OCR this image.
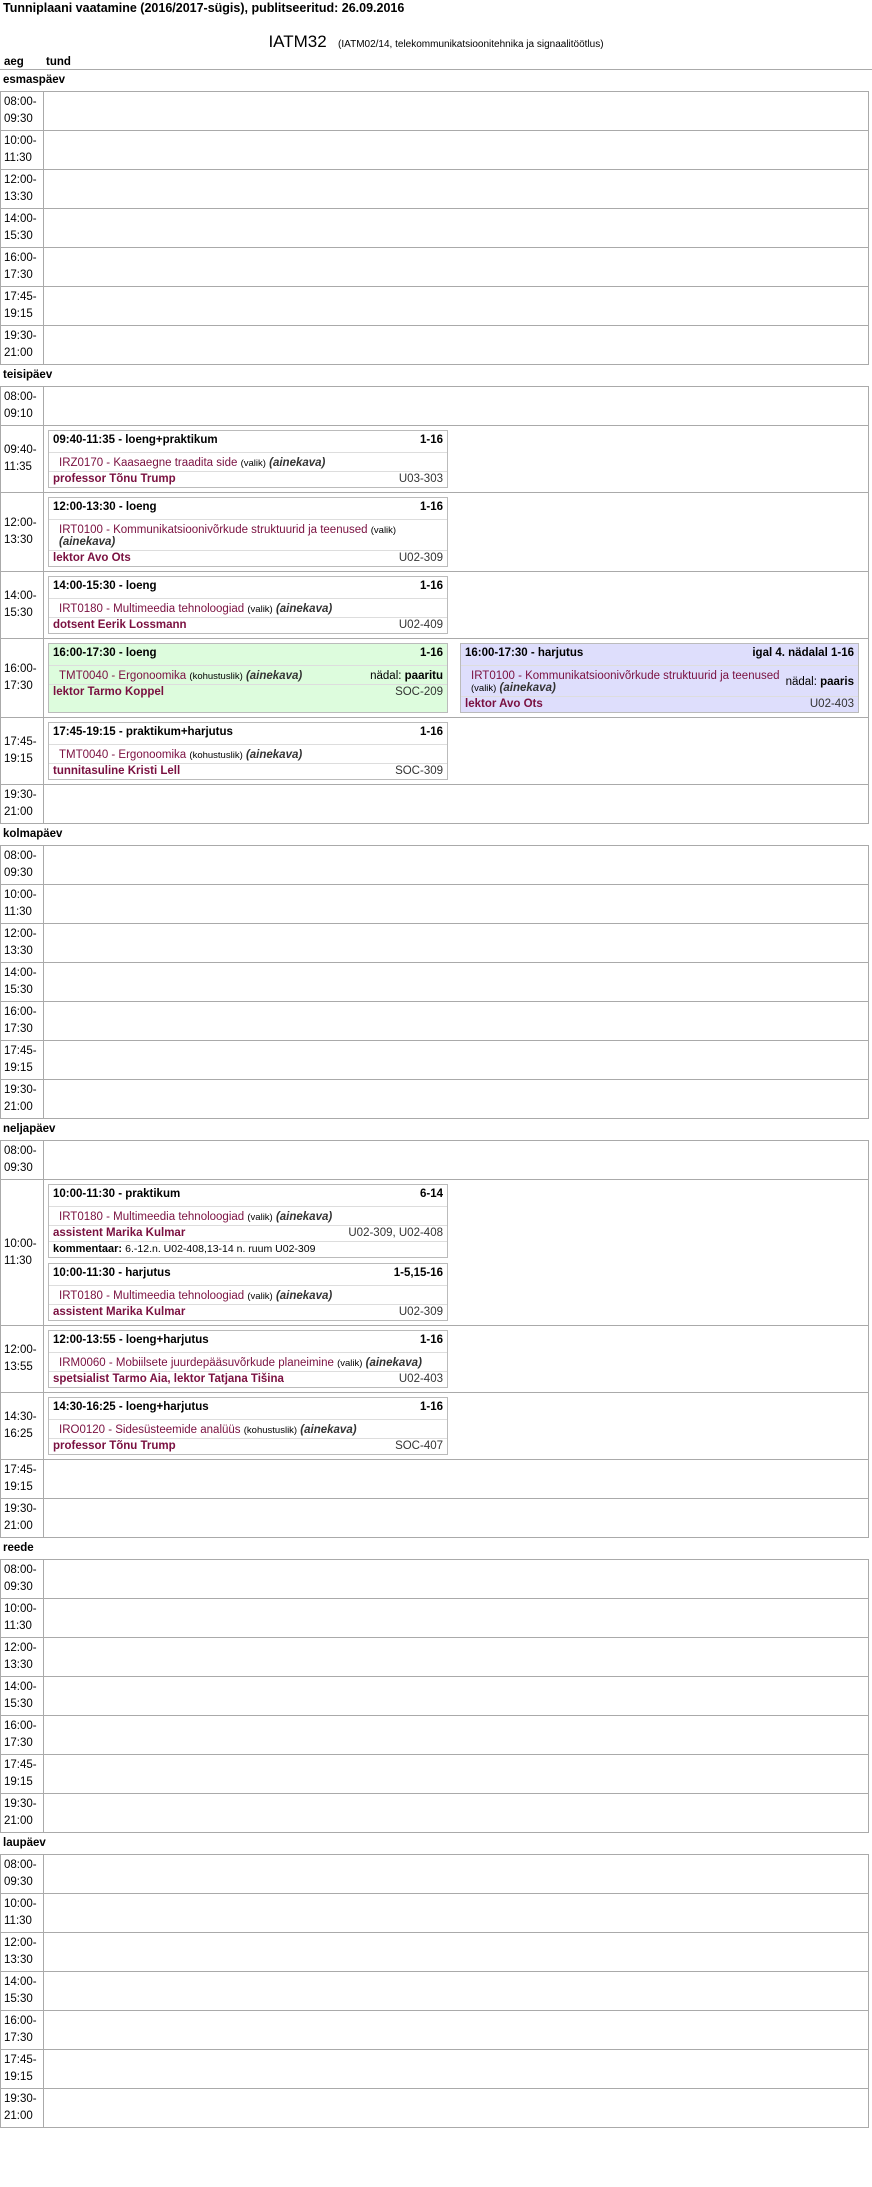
Tunniplaani vaatamine (2016/2017-sügis), publitseeritud: 26.09.2016
IATM32 (IATM02/14, telekommunikatsioonitehnika ja signaalitöötlus)
aeg	tund
esmaspäev
08:00-
09:30
10:00-
11:30
12:00-
13:30
14:00-
15:30
16:00-
17:30
17:45-
19:15
19:30-
21:00
teisipäev
08:00-
09:10
09:40-
11:35
09:40-11:35 - loeng+praktikum	1-16
IRZ0170 - Kaasaegne traadita side (valik) (ainekava)
professor Tõnu Trump	U03-303
12:00-
13:30
12:00-13:30 - loeng	1-16
IRT0100 - Kommunikatsioonivõrkude struktuurid ja teenused (valik) (ainekava)
lektor Avo Ots	U02-309
14:00-
15:30
14:00-15:30 - loeng	1-16
IRT0180 - Multimeedia tehnoloogiad (valik) (ainekava)
dotsent Eerik Lossmann	U02-409
16:00-
17:30
16:00-17:30 - loeng	1-16
TMT0040 - Ergonoomika (kohustuslik) (ainekava)	nädal: paaritu
lektor Tarmo Koppel	SOC-209
16:00-17:30 - harjutus	igal 4. nädalal 1-16
IRT0100 - Kommunikatsioonivõrkude struktuurid ja teenused (valik) (ainekava)	nädal: paaris
lektor Avo Ots	U02-403
17:45-
19:15
17:45-19:15 - praktikum+harjutus	1-16
TMT0040 - Ergonoomika (kohustuslik) (ainekava)
tunnitasuline Kristi Lell	SOC-309
19:30-
21:00
kolmapäev
08:00-
09:30
10:00-
11:30
12:00-
13:30
14:00-
15:30
16:00-
17:30
17:45-
19:15
19:30-
21:00
neljapäev
08:00-
09:30
10:00-
11:30
10:00-11:30 - praktikum	6-14
IRT0180 - Multimeedia tehnoloogiad (valik) (ainekava)
assistent Marika Kulmar	U02-309, U02-408
kommentaar: 6.-12.n. U02-408,13-14 n. ruum U02-309
10:00-11:30 - harjutus	1-5,15-16
IRT0180 - Multimeedia tehnoloogiad (valik) (ainekava)
assistent Marika Kulmar	U02-309
12:00-
13:55
12:00-13:55 - loeng+harjutus	1-16
IRM0060 - Mobiilsete juurdepääsuvõrkude planeimine (valik) (ainekava)
spetsialist Tarmo Aia, lektor Tatjana Tišina	U02-403
14:30-
16:25
14:30-16:25 - loeng+harjutus	1-16
IRO0120 - Sidesüsteemide analüüs (kohustuslik) (ainekava)
professor Tõnu Trump	SOC-407
17:45-
19:15
19:30-
21:00
reede
08:00-
09:30
10:00-
11:30
12:00-
13:30
14:00-
15:30
16:00-
17:30
17:45-
19:15
19:30-
21:00
laupäev
08:00-
09:30
10:00-
11:30
12:00-
13:30
14:00-
15:30
16:00-
17:30
17:45-
19:15
19:30-
21:00
